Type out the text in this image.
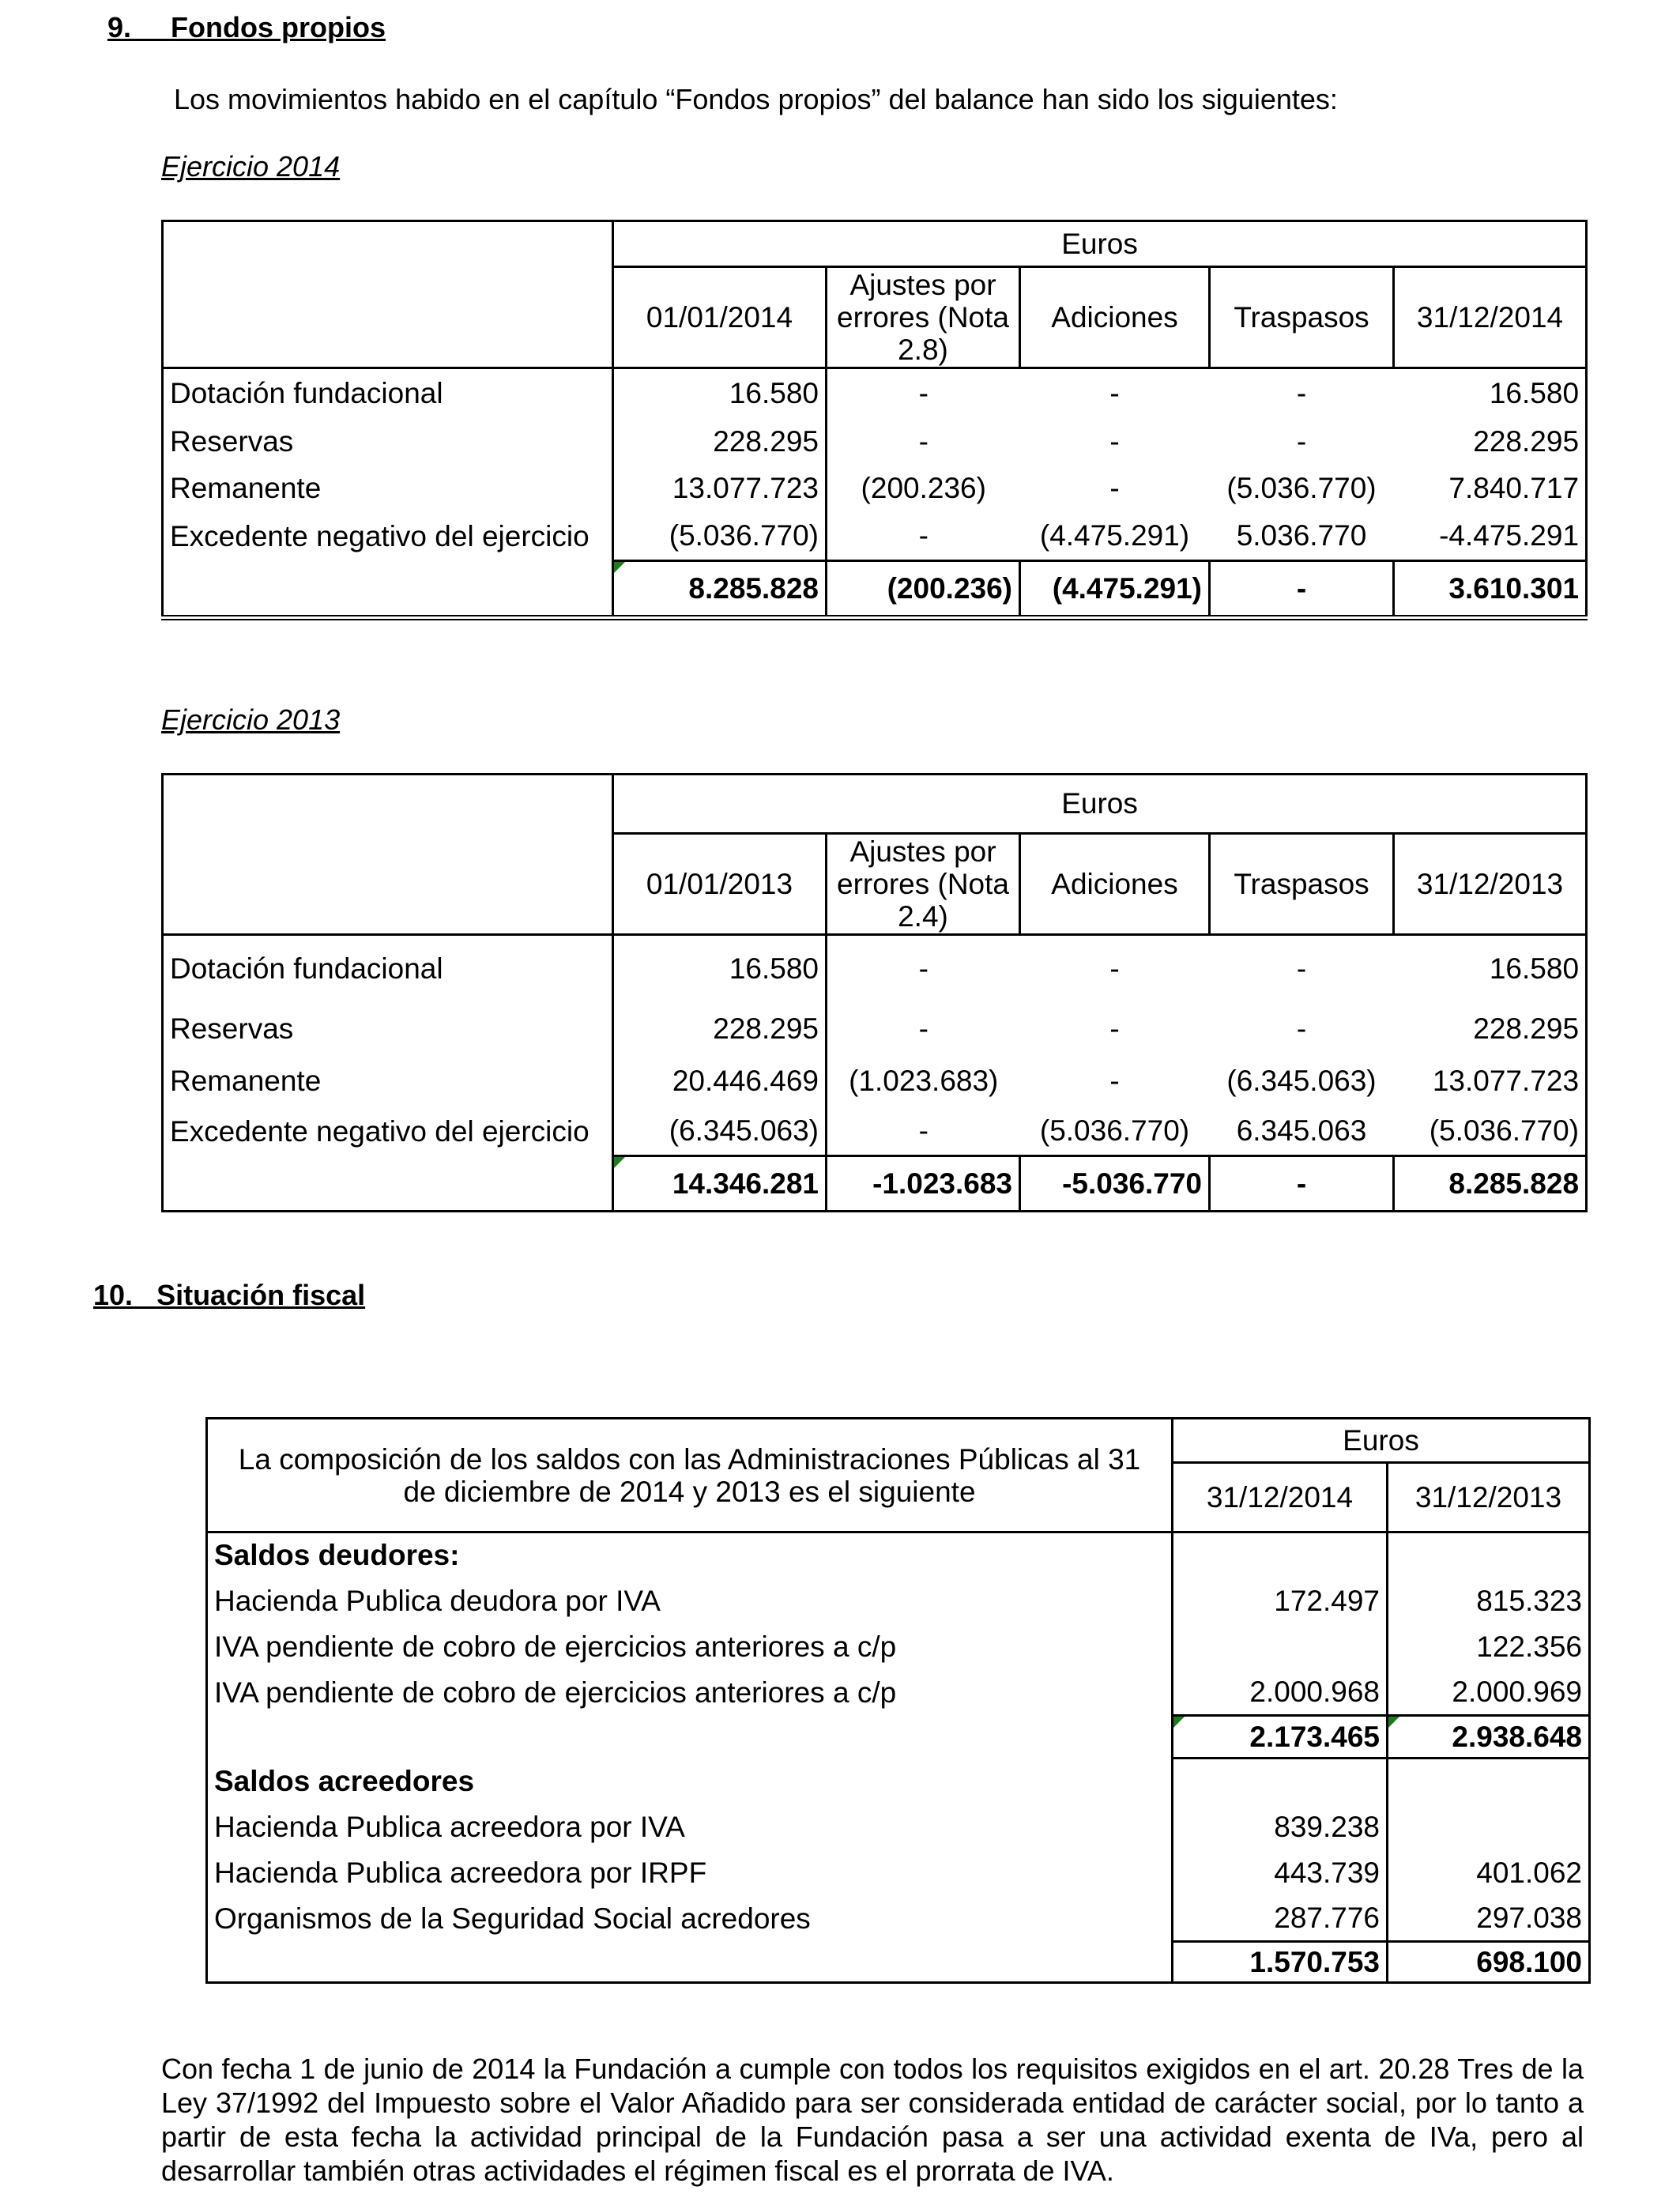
9. Fondos propios
Los movimientos habido en el capítulo “Fondos propios” del balance han sido los siguientes:
Ejercicio 2014
	Euros				
	01/01/2014	Ajustes por errores (Nota 2.8)	Adiciones	Traspasos	31/12/2014
Dotación fundacional	16.580	-	-	-	16.580
Reservas	228.295	-	-	-	228.295
Remanente	13.077.723	(200.236)	-	(5.036.770)	7.840.717
Excedente negativo del ejercicio	(5.036.770)	-	(4.475.291)	5.036.770	-4.475.291
	8.285.828	(200.236)	(4.475.291)	-	3.610.301
Ejercicio 2013
	Euros				
	01/01/2013	Ajustes por errores (Nota 2.4)	Adiciones	Traspasos	31/12/2013
Dotación fundacional	16.580	-	-	-	16.580
Reservas	228.295	-	-	-	228.295
Remanente	20.446.469	(1.023.683)	-	(6.345.063)	13.077.723
Excedente negativo del ejercicio	(6.345.063)	-	(5.036.770)	6.345.063	(5.036.770)
	14.346.281	-1.023.683	-5.036.770	-	8.285.828
10. Situación fiscal
La composición de los saldos con las Administraciones Públicas al 31 de diciembre de 2014 y 2013 es el siguiente	Euros	
	31/12/2014	31/12/2013
Saldos deudores:		
Hacienda Publica deudora por IVA	172.497	815.323
IVA pendiente de cobro de ejercicios anteriores a c/p		122.356
IVA pendiente de cobro de ejercicios anteriores a c/p	2.000.968	2.000.969
	2.173.465	2.938.648
Saldos acreedores		
Hacienda Publica acreedora por IVA	839.238	
Hacienda Publica acreedora por IRPF	443.739	401.062
Organismos de la Seguridad Social acredores	287.776	297.038
	1.570.753	698.100
Con fecha 1 de junio de 2014 la Fundación a cumple con todos los requisitos exigidos en el art. 20.28 Tres de la Ley 37/1992 del Impuesto sobre el Valor Añadido para ser considerada entidad de carácter social, por lo tanto a partir de esta fecha la actividad principal de la Fundación pasa a ser una actividad exenta de IVa, pero al desarrollar también otras actividades el régimen fiscal es el prorrata de IVA.
